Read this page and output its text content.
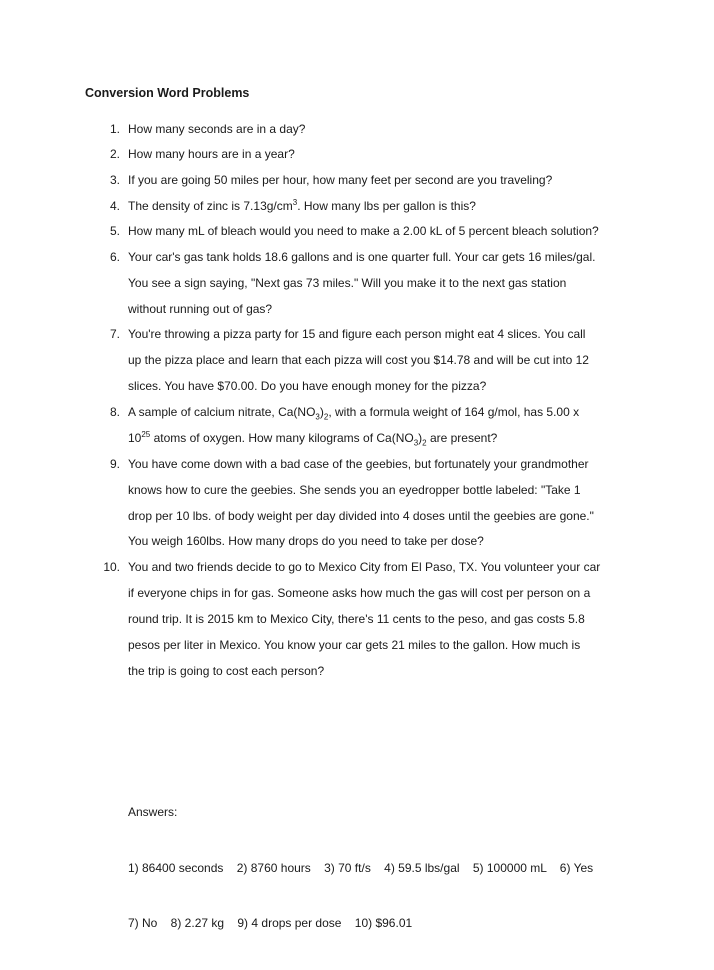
Conversion Word Problems
1. How many seconds are in a day?
2. How many hours are in a year?
3. If you are going 50 miles per hour, how many feet per second are you traveling?
4. The density of zinc is $7.13g/cm^3$. How many lbs per gallon is this?
5. How many mL of bleach would you need to make a 2.00 kL of 5 percent bleach solution?
6. Your car's gas tank holds 18.6 gallons and is one quarter full. Your car gets 16 miles/gal.
You see a sign saying, "Next gas 73 miles." Will you make it to the next gas station
without running out of gas?
7. You're throwing a pizza party for 15 and figure each person might eat 4 slices. You call
up the pizza place and learn that each pizza will cost you $14.78 and will be cut into 12
slices. You have $70.00. Do you have enough money for the pizza?
8. A sample of calcium nitrate, $Ca(NO_3)_2$, with a formula weight of 164 g/mol, has 5.00 x
$10^{25}$ atoms of oxygen. How many kilograms of $Ca(NO_3)_2$ are present?
9. You have come down with a bad case of the geebies, but fortunately your grandmother
knows how to cure the geebies. She sends you an eyedropper bottle labeled: "Take 1
drop per 10 lbs. of body weight per day divided into 4 doses until the geebies are gone."
You weigh 160lbs. How many drops do you need to take per dose?
10. You and two friends decide to go to Mexico City from El Paso, TX. You volunteer your car
if everyone chips in for gas. Someone asks how much the gas will cost per person on a
round trip. It is 2015 km to Mexico City, there's 11 cents to the peso, and gas costs 5.8
pesos per liter in Mexico. You know your car gets 21 miles to the gallon. How much is
the trip is going to cost each person?

Answers:

1) 86400 seconds    2) 8760 hours    3) 70 ft/s    4) 59.5 lbs/gal    5) 100000 mL    6) Yes

7) No    8) 2.27 kg    9) 4 drops per dose    10) $96.01
